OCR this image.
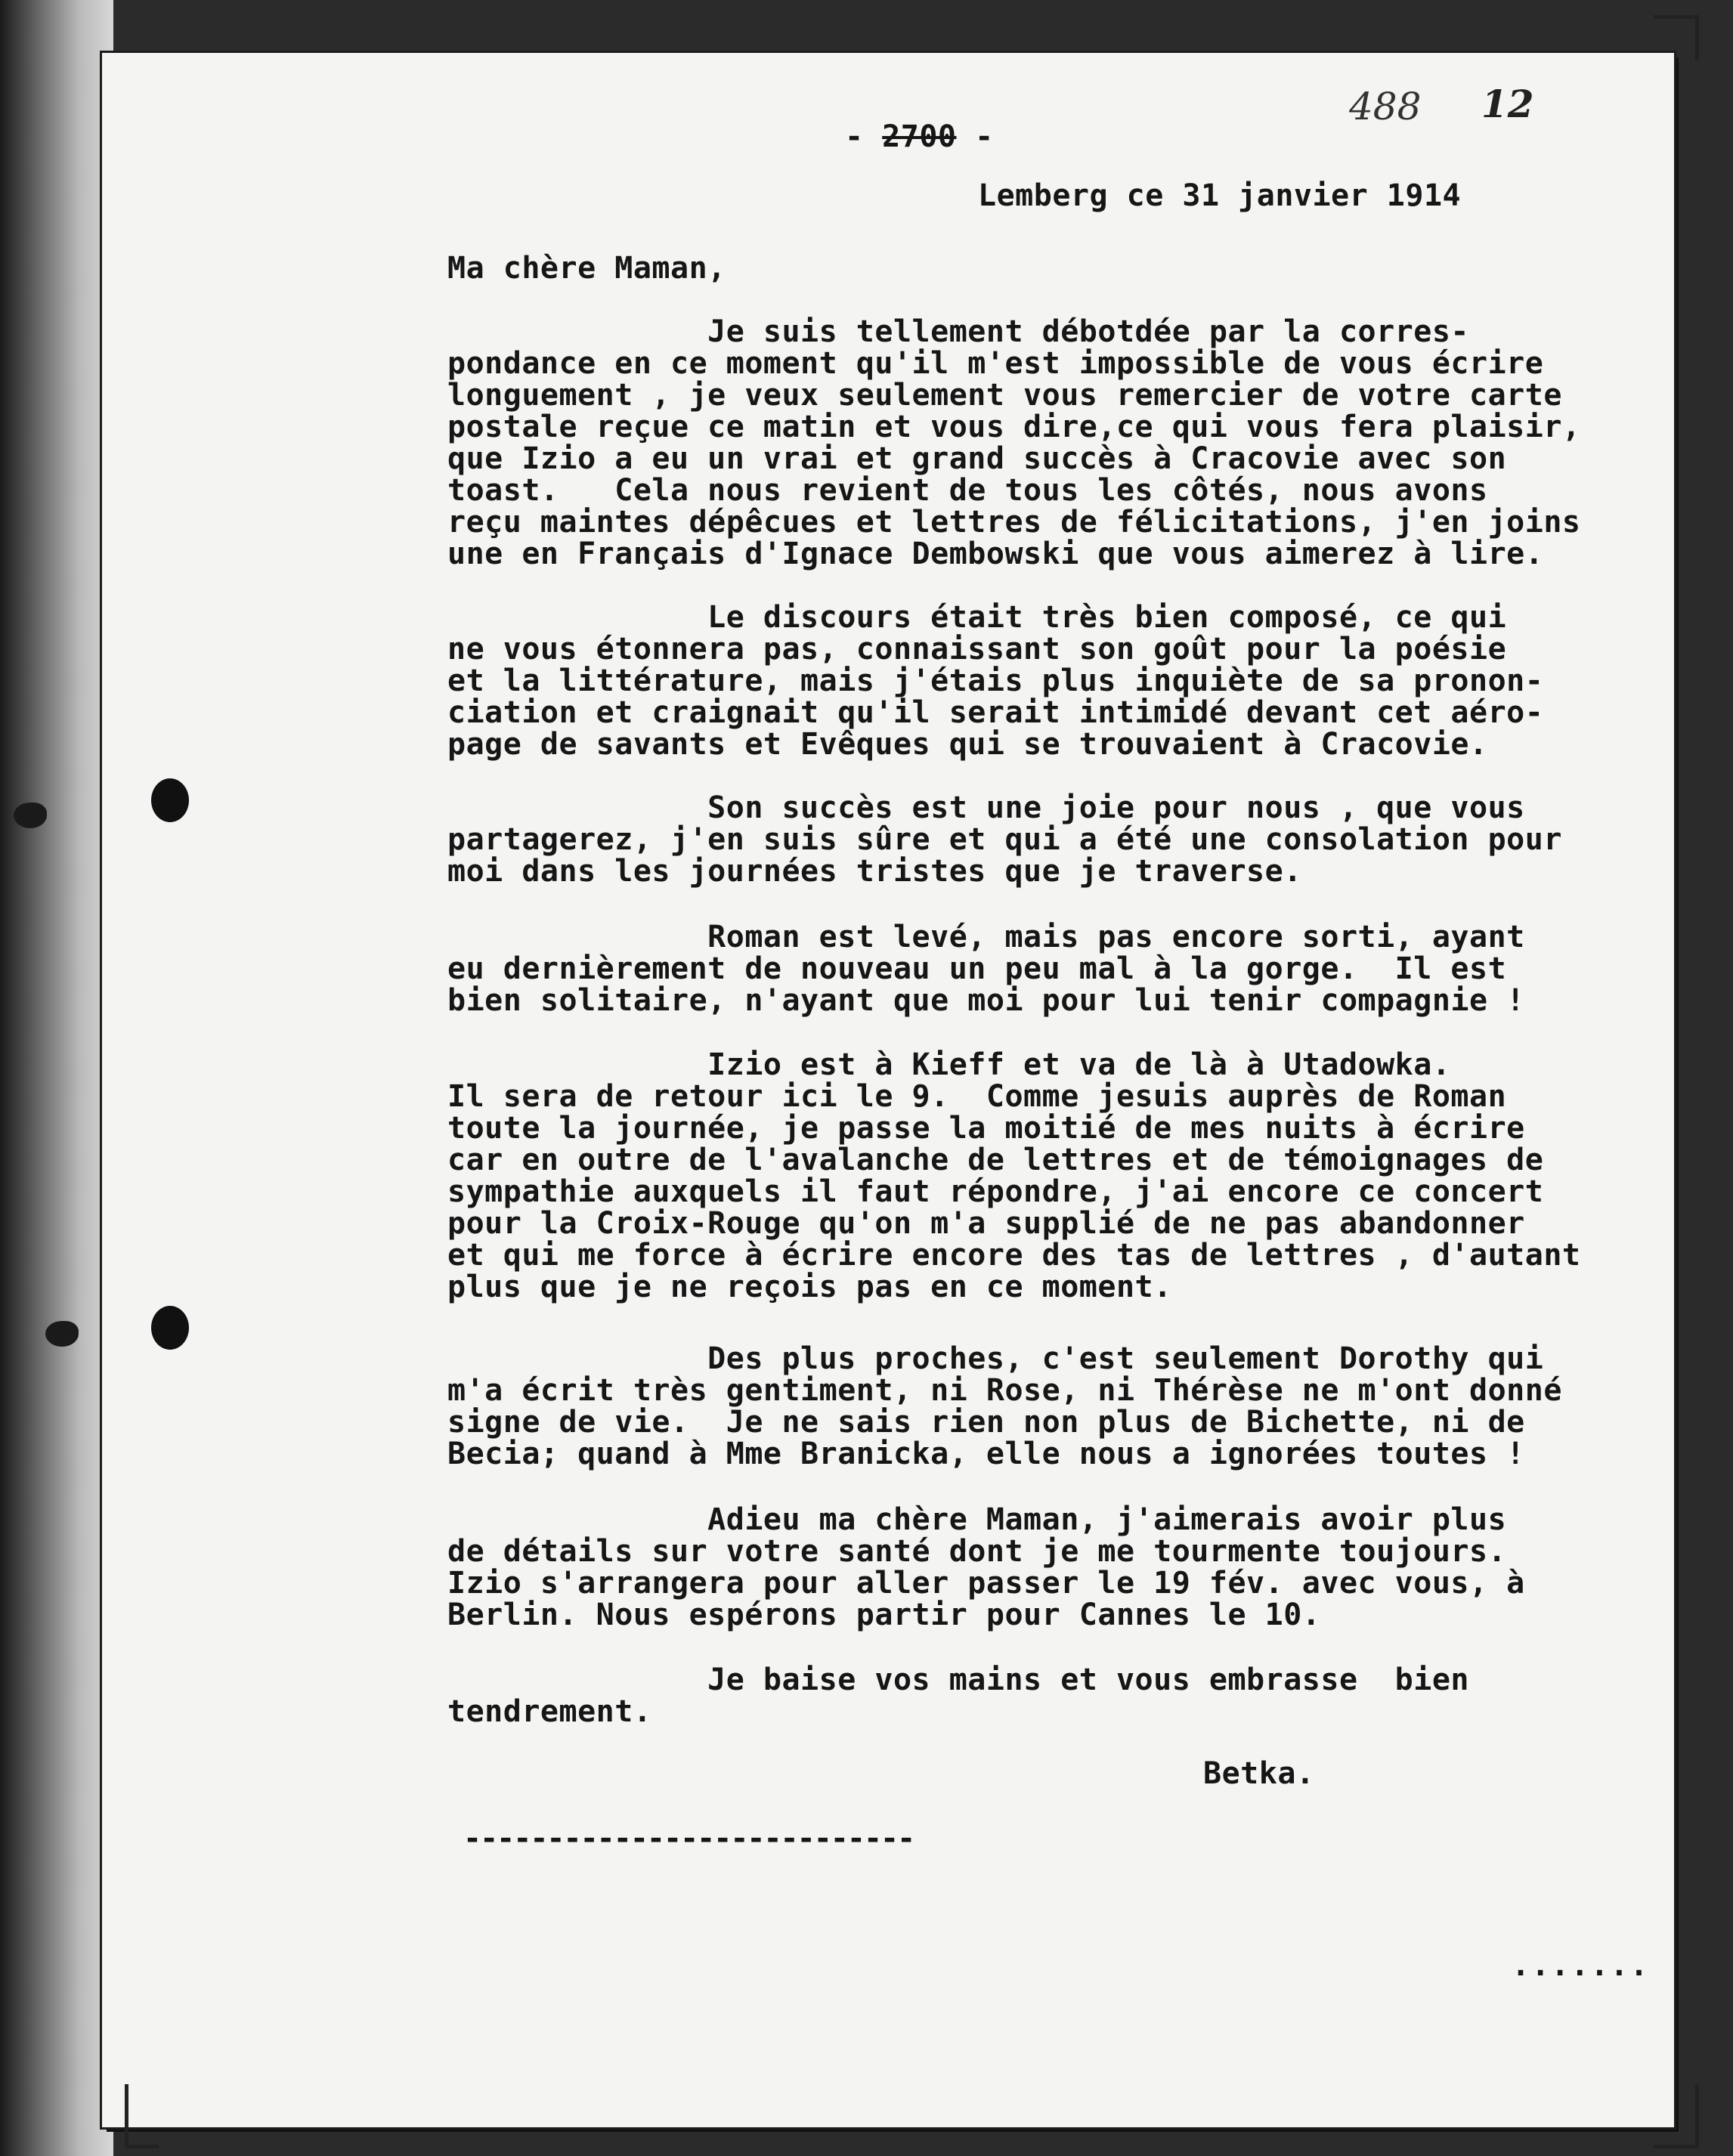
488 12

- 2700 -

Lemberg ce 31 janvier 1914

Ma chère Maman,

Je suis tellement débotdée par la corres-
pondance en ce moment qu'il m'est impossible de vous écrire
longuement , je veux seulement vous remercier de votre carte
postale reçue ce matin et vous dire,ce qui vous fera plaisir,
que Izio a eu un vrai et grand succès à Cracovie avec son
toast.   Cela nous revient de tous les côtés, nous avons
reçu maintes dépêcues et lettres de félicitations, j'en joins
une en Français d'Ignace Dembowski que vous aimerez à lire.

Le discours était très bien composé, ce qui
ne vous étonnera pas, connaissant son goût pour la poésie
et la littérature, mais j'étais plus inquiète de sa pronon-
ciation et craignait qu'il serait intimidé devant cet aéro-
page de savants et Evêques qui se trouvaient à Cracovie.

Son succès est une joie pour nous , que vous
partagerez, j'en suis sûre et qui a été une consolation pour
moi dans les journées tristes que je traverse.

Roman est levé, mais pas encore sorti, ayant
eu dernièrement de nouveau un peu mal à la gorge.  Il est
bien solitaire, n'ayant que moi pour lui tenir compagnie !

Izio est à Kieff et va de là à Utadowka.
Il sera de retour ici le 9.  Comme jesuis auprès de Roman
toute la journée, je passe la moitié de mes nuits à écrire
car en outre de l'avalanche de lettres et de témoignages de
sympathie auxquels il faut répondre, j'ai encore ce concert
pour la Croix-Rouge qu'on m'a supplié de ne pas abandonner
et qui me force à écrire encore des tas de lettres , d'autant
plus que je ne reçois pas en ce moment.

Des plus proches, c'est seulement Dorothy qui
m'a écrit très gentiment, ni Rose, ni Thérèse ne m'ont donné
signe de vie.  Je ne sais rien non plus de Bichette, ni de
Becia; quand à Mme Branicka, elle nous a ignorées toutes !

Adieu ma chère Maman, j'aimerais avoir plus
de détails sur votre santé dont je me tourmente toujours.
Izio s'arrangera pour aller passer le 19 fév. avec vous, à
Berlin. Nous espérons partir pour Cannes le 10.

Je baise vos mains et vous embrasse  bien
tendrement.

Betka.

---------------------------

.......
